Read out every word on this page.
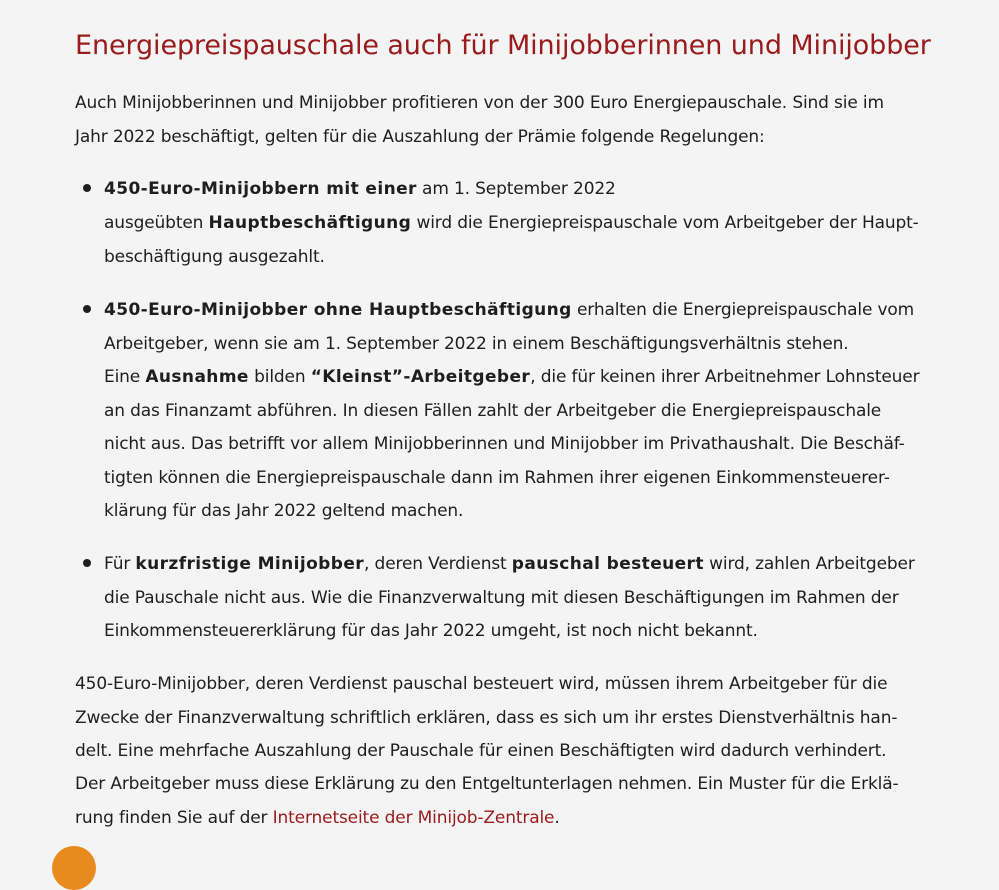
Energiepreispauschale auch für Minijobberinnen und Minijobber
Auch Minijobberinnen und Minijobber profitieren von der 300 Euro Energiepauschale. Sind sie im
Jahr 2022 beschäftigt, gelten für die Auszahlung der Prämie folgende Regelungen:
450-Euro-Minijobbern mit einer am 1. September 2022
ausgeübten Hauptbeschäftigung wird die Energiepreispauschale vom Arbeitgeber der Haupt-
beschäftigung ausgezahlt.
450-Euro-Minijobber ohne Hauptbeschäftigung erhalten die Energiepreispauschale vom
Arbeitgeber, wenn sie am 1. September 2022 in einem Beschäftigungsverhältnis stehen.
Eine Ausnahme bilden “Kleinst”-Arbeitgeber, die für keinen ihrer Arbeitnehmer Lohnsteuer
an das Finanzamt abführen. In diesen Fällen zahlt der Arbeitgeber die Energiepreispauschale
nicht aus. Das betrifft vor allem Minijobberinnen und Minijobber im Privathaushalt. Die Beschäf-
tigten können die Energiepreispauschale dann im Rahmen ihrer eigenen Einkommensteuerer-
klärung für das Jahr 2022 geltend machen.
Für kurzfristige Minijobber, deren Verdienst pauschal besteuert wird, zahlen Arbeitgeber
die Pauschale nicht aus. Wie die Finanzverwaltung mit diesen Beschäftigungen im Rahmen der
Einkommensteuererklärung für das Jahr 2022 umgeht, ist noch nicht bekannt.
450-Euro-Minijobber, deren Verdienst pauschal besteuert wird, müssen ihrem Arbeitgeber für die
Zwecke der Finanzverwaltung schriftlich erklären, dass es sich um ihr erstes Dienstverhältnis han-
delt. Eine mehrfache Auszahlung der Pauschale für einen Beschäftigten wird dadurch verhindert.
Der Arbeitgeber muss diese Erklärung zu den Entgeltunterlagen nehmen. Ein Muster für die Erklä-
rung finden Sie auf der Internetseite der Minijob-Zentrale.
